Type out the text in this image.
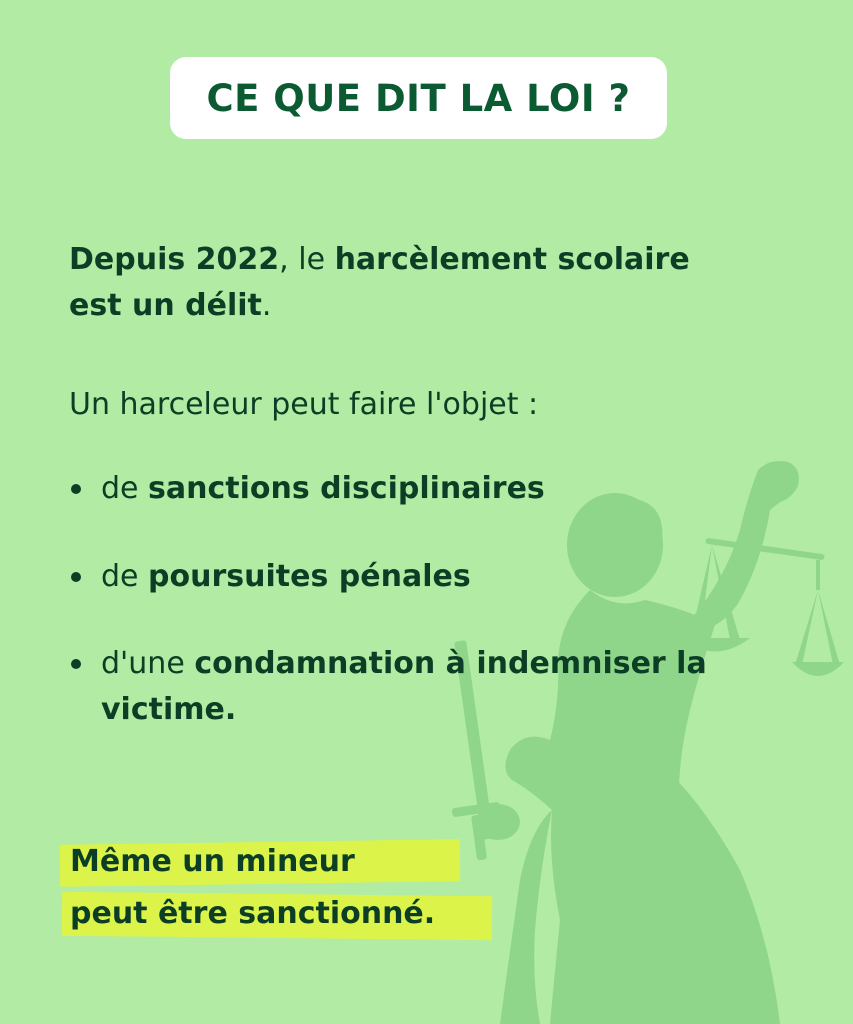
CE QUE DIT LA LOI ?
Depuis 2022, le harcèlement scolaire
est un délit.
Un harceleur peut faire l'objet :
de sanctions disciplinaires
de poursuites pénales
d'une condamnation à indemniser la victime.
Même un mineur
peut être sanctionné.
